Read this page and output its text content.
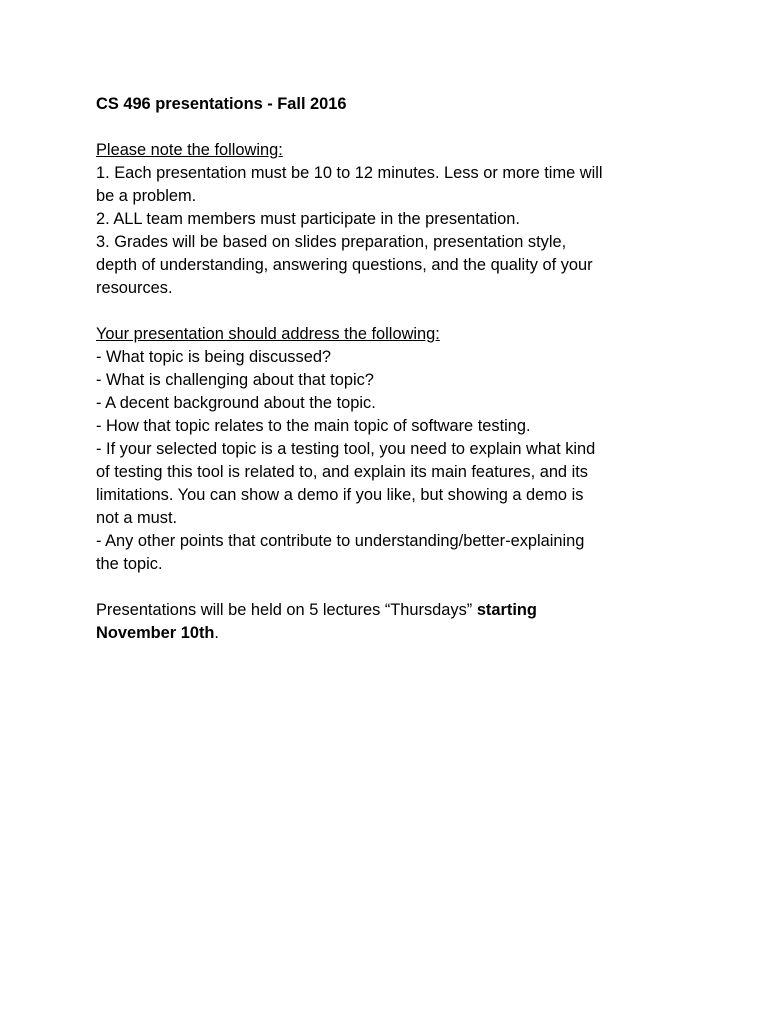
CS 496 presentations - Fall 2016
Please note the following:
1. Each presentation must be 10 to 12 minutes. Less or more time will
be a problem.
2. ALL team members must participate in the presentation.
3. Grades will be based on slides preparation, presentation style,
depth of understanding, answering questions, and the quality of your
resources.
Your presentation should address the following:
- What topic is being discussed?
- What is challenging about that topic?
- A decent background about the topic.
- How that topic relates to the main topic of software testing.
- If your selected topic is a testing tool, you need to explain what kind
of testing this tool is related to, and explain its main features, and its
limitations. You can show a demo if you like, but showing a demo is
not a must.
- Any other points that contribute to understanding/better-explaining
the topic.
Presentations will be held on 5 lectures “Thursdays” starting
November 10th.
